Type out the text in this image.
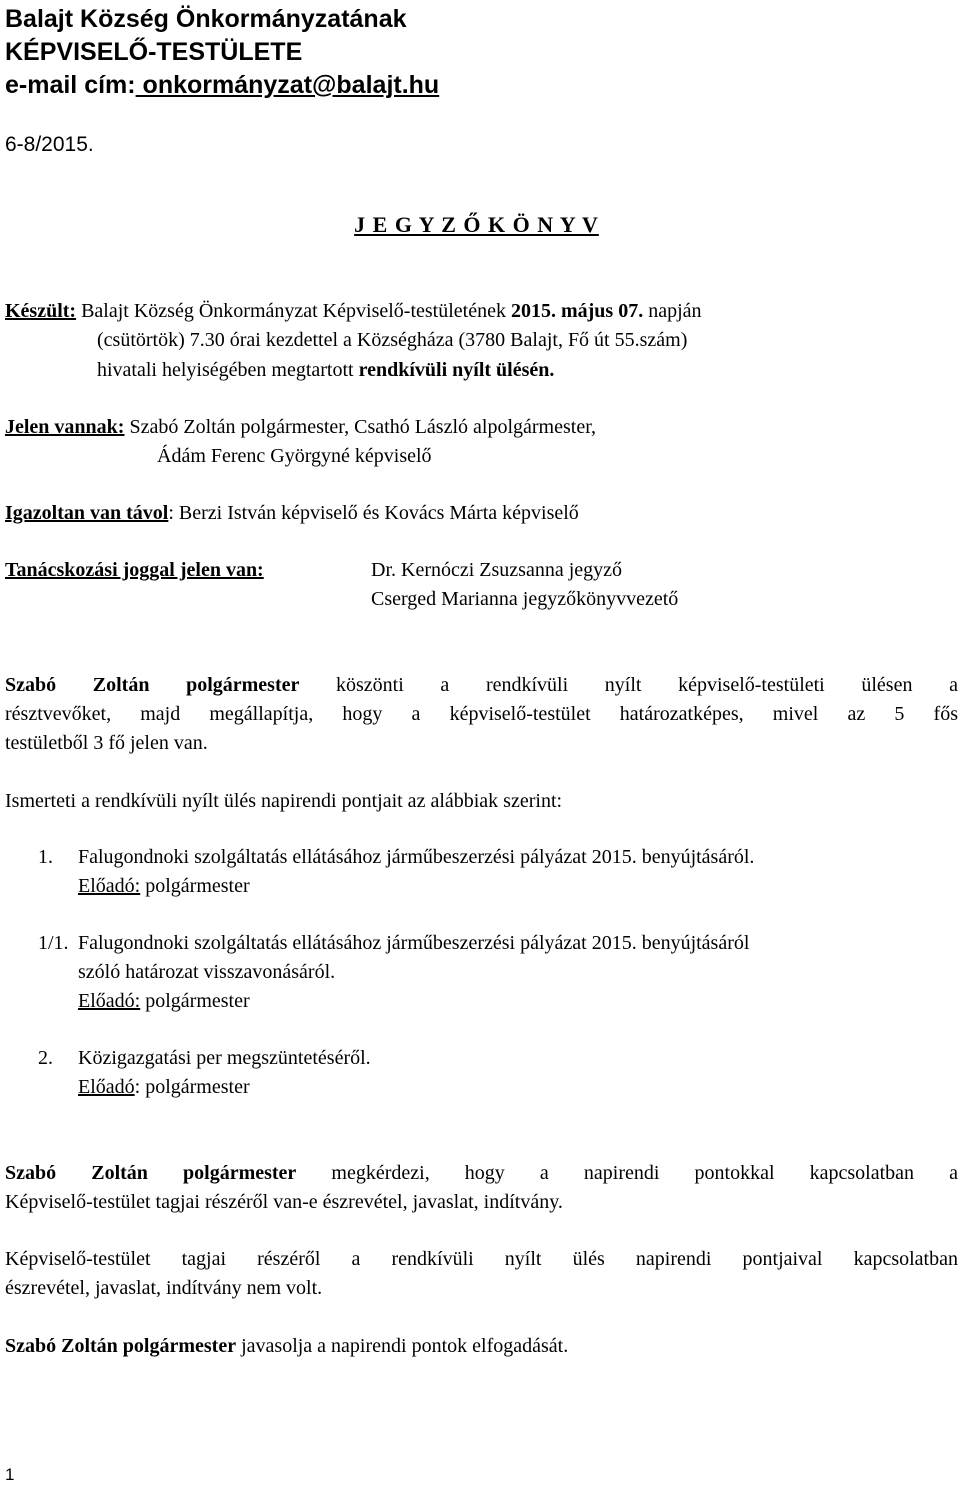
Balajt Község Önkormányzatának
KÉPVISELŐ-TESTÜLETE
e-mail cím: onkormányzat@balajt.hu
6-8/2015.
J E G Y Z Ő K Ö N Y V
Készült: Balajt Község Önkormányzat Képviselő-testületének 2015. május 07. napján
(csütörtök) 7.30 órai kezdettel a Községháza (3780 Balajt, Fő út 55.szám)
hivatali helyiségében megtartott rendkívüli nyílt ülésén.
Jelen vannak: Szabó Zoltán polgármester, Csathó László alpolgármester,
Ádám Ferenc Györgyné képviselő
Igazoltan van távol: Berzi István képviselő és Kovács Márta képviselő
Tanácskozási joggal jelen van:	Dr. Kernóczi Zsuzsanna jegyző
Cserged Marianna jegyzőkönyvvezető
Szabó Zoltán polgármester köszönti a rendkívüli nyílt képviselő-testületi ülésen a
résztvevőket, majd megállapítja, hogy a képviselő-testület határozatképes, mivel az 5 fős
testületből 3 fő jelen van.
Ismerteti a rendkívüli nyílt ülés napirendi pontjait az alábbiak szerint:
1. Falugondnoki szolgáltatás ellátásához járműbeszerzési pályázat 2015. benyújtásáról.
Előadó: polgármester
1/1. Falugondnoki szolgáltatás ellátásához járműbeszerzési pályázat 2015. benyújtásáról
szóló határozat visszavonásáról.
Előadó: polgármester
2. Közigazgatási per megszüntetéséről.
Előadó: polgármester
Szabó Zoltán polgármester megkérdezi, hogy a napirendi pontokkal kapcsolatban a
Képviselő-testület tagjai részéről van-e észrevétel, javaslat, indítvány.
Képviselő-testület tagjai részéről a rendkívüli nyílt ülés napirendi pontjaival kapcsolatban
észrevétel, javaslat, indítvány nem volt.
Szabó Zoltán polgármester javasolja a napirendi pontok elfogadását.
1
